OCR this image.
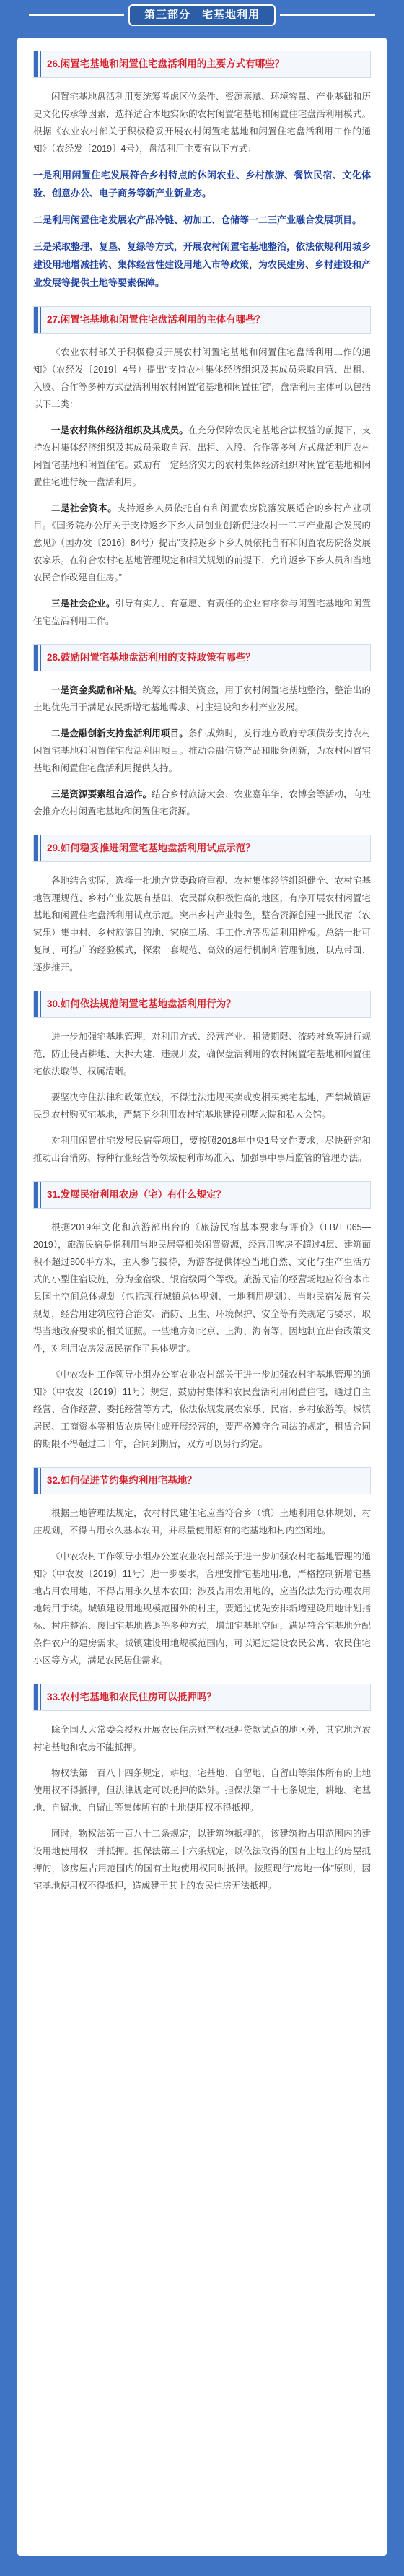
第三部分　宅基地利用
26.闲置宅基地和闲置住宅盘活利用的主要方式有哪些？

闲置宅基地盘活利用要统筹考虑区位条件、资源禀赋、环境容量、产业基础和历史文化传承等因素，选择适合本地实际的农村闲置宅基地和闲置住宅盘活利用模式。根据《农业农村部关于积极稳妥开展农村闲置宅基地和闲置住宅盘活利用工作的通知》（农经发〔2019〕4号），盘活利用主要有以下方式：

一是利用闲置住宅发展符合乡村特点的休闲农业、乡村旅游、餐饮民宿、文化体验、创意办公、电子商务等新产业新业态。

二是利用闲置住宅发展农产品冷链、初加工、仓储等一二三产业融合发展项目。

三是采取整理、复垦、复绿等方式，开展农村闲置宅基地整治，依法依规利用城乡建设用地增减挂钩、集体经营性建设用地入市等政策，为农民建房、乡村建设和产业发展等提供土地等要素保障。

27.闲置宅基地和闲置住宅盘活利用的主体有哪些？

《农业农村部关于积极稳妥开展农村闲置宅基地和闲置住宅盘活利用工作的通知》（农经发〔2019〕4号）提出“支持农村集体经济组织及其成员采取自营、出租、入股、合作等多种方式盘活利用农村闲置宅基地和闲置住宅”，盘活利用主体可以包括以下三类：

一是农村集体经济组织及其成员。在充分保障农民宅基地合法权益的前提下，支持农村集体经济组织及其成员采取自营、出租、入股、合作等多种方式盘活利用农村闲置宅基地和闲置住宅。鼓励有一定经济实力的农村集体经济组织对闲置宅基地和闲置住宅进行统一盘活利用。

二是社会资本。支持返乡人员依托自有和闲置农房院落发展适合的乡村产业项目。《国务院办公厅关于支持返乡下乡人员创业创新促进农村一二三产业融合发展的意见》（国办发〔2016〕84号）提出“支持返乡下乡人员依托自有和闲置农房院落发展农家乐。在符合农村宅基地管理规定和相关规划的前提下，允许返乡下乡人员和当地农民合作改建自住房。”

三是社会企业。引导有实力、有意愿、有责任的企业有序参与闲置宅基地和闲置住宅盘活利用工作。

28.鼓励闲置宅基地盘活利用的支持政策有哪些？

一是资金奖励和补贴。统筹安排相关资金，用于农村闲置宅基地整治，整治出的土地优先用于满足农民新增宅基地需求、村庄建设和乡村产业发展。

二是金融创新支持盘活利用项目。条件成熟时，发行地方政府专项债券支持农村闲置宅基地和闲置住宅盘活利用项目。推动金融信贷产品和服务创新，为农村闲置宅基地和闲置住宅盘活利用提供支持。

三是资源要素组合运作。结合乡村旅游大会、农业嘉年华、农博会等活动，向社会推介农村闲置宅基地和闲置住宅资源。

29.如何稳妥推进闲置宅基地盘活利用试点示范？

各地结合实际，选择一批地方党委政府重视、农村集体经济组织健全、农村宅基地管理规范、乡村产业发展有基础、农民群众积极性高的地区，有序开展农村闲置宅基地和闲置住宅盘活利用试点示范。突出乡村产业特色，整合资源创建一批民宿（农家乐）集中村、乡村旅游目的地、家庭工场、手工作坊等盘活利用样板。总结一批可复制、可推广的经验模式，探索一套规范、高效的运行机制和管理制度，以点带面、逐步推开。

30.如何依法规范闲置宅基地盘活利用行为？

进一步加强宅基地管理，对利用方式、经营产业、租赁期限、流转对象等进行规范，防止侵占耕地、大拆大建、违规开发，确保盘活利用的农村闲置宅基地和闲置住宅依法取得、权属清晰。

要坚决守住法律和政策底线，不得违法违规买卖或变相买卖宅基地，严禁城镇居民到农村购买宅基地，严禁下乡利用农村宅基地建设别墅大院和私人会馆。

对利用闲置住宅发展民宿等项目，要按照2018年中央1号文件要求，尽快研究和推动出台消防、特种行业经营等领域便利市场准入、加强事中事后监管的管理办法。

31.发展民宿利用农房（宅）有什么规定？

根据2019年文化和旅游部出台的《旅游民宿基本要求与评价》（LB/T 065—2019），旅游民宿是指利用当地民居等相关闲置资源，经营用客房不超过4层、建筑面积不超过800平方米，主人参与接待，为游客提供体验当地自然、文化与生产生活方式的小型住宿设施，分为金宿级、银宿级两个等级。旅游民宿的经营场地应符合本市县国土空间总体规划（包括现行城镇总体规划、土地利用规划）、当地民宿发展有关规划，经营用建筑应符合治安、消防、卫生、环境保护、安全等有关规定与要求，取得当地政府要求的相关证照。一些地方如北京、上海、海南等，因地制宜出台政策文件，对利用农房发展民宿作了具体规定。

《中农农村工作领导小组办公室农业农村部关于进一步加强农村宅基地管理的通知》（中农发〔2019〕11号）规定，鼓励村集体和农民盘活利用闲置住宅，通过自主经营、合作经营、委托经营等方式，依法依规发展农家乐、民宿、乡村旅游等。城镇居民、工商资本等租赁农房居住或开展经营的，要严格遵守合同法的规定，租赁合同的期限不得超过二十年，合同到期后，双方可以另行约定。

32.如何促进节约集约利用宅基地？

根据土地管理法规定，农村村民建住宅应当符合乡（镇）土地利用总体规划、村庄规划，不得占用永久基本农田，并尽量使用原有的宅基地和村内空闲地。

《中农农村工作领导小组办公室农业农村部关于进一步加强农村宅基地管理的通知》（中农发〔2019〕11号）进一步要求，合理安排宅基地用地，严格控制新增宅基地占用农用地，不得占用永久基本农田；涉及占用农用地的，应当依法先行办理农用地转用手续。城镇建设用地规模范围外的村庄，要通过优先安排新增建设用地计划指标、村庄整治、废旧宅基地腾退等多种方式，增加宅基地空间，满足符合宅基地分配条件农户的建房需求。城镇建设用地规模范围内，可以通过建设农民公寓、农民住宅小区等方式，满足农民居住需求。

33.农村宅基地和农民住房可以抵押吗？

除全国人大常委会授权开展农民住房财产权抵押贷款试点的地区外，其它地方农村宅基地和农房不能抵押。

物权法第一百八十四条规定，耕地、宅基地、自留地、自留山等集体所有的土地使用权不得抵押，但法律规定可以抵押的除外。担保法第三十七条规定，耕地、宅基地、自留地、自留山等集体所有的土地使用权不得抵押。

同时，物权法第一百八十二条规定，以建筑物抵押的，该建筑物占用范围内的建设用地使用权一并抵押。担保法第三十六条规定，以依法取得的国有土地上的房屋抵押的，该房屋占用范围内的国有土地使用权同时抵押。按照现行“房地一体”原则，因宅基地使用权不得抵押，造成建于其上的农民住房无法抵押。
